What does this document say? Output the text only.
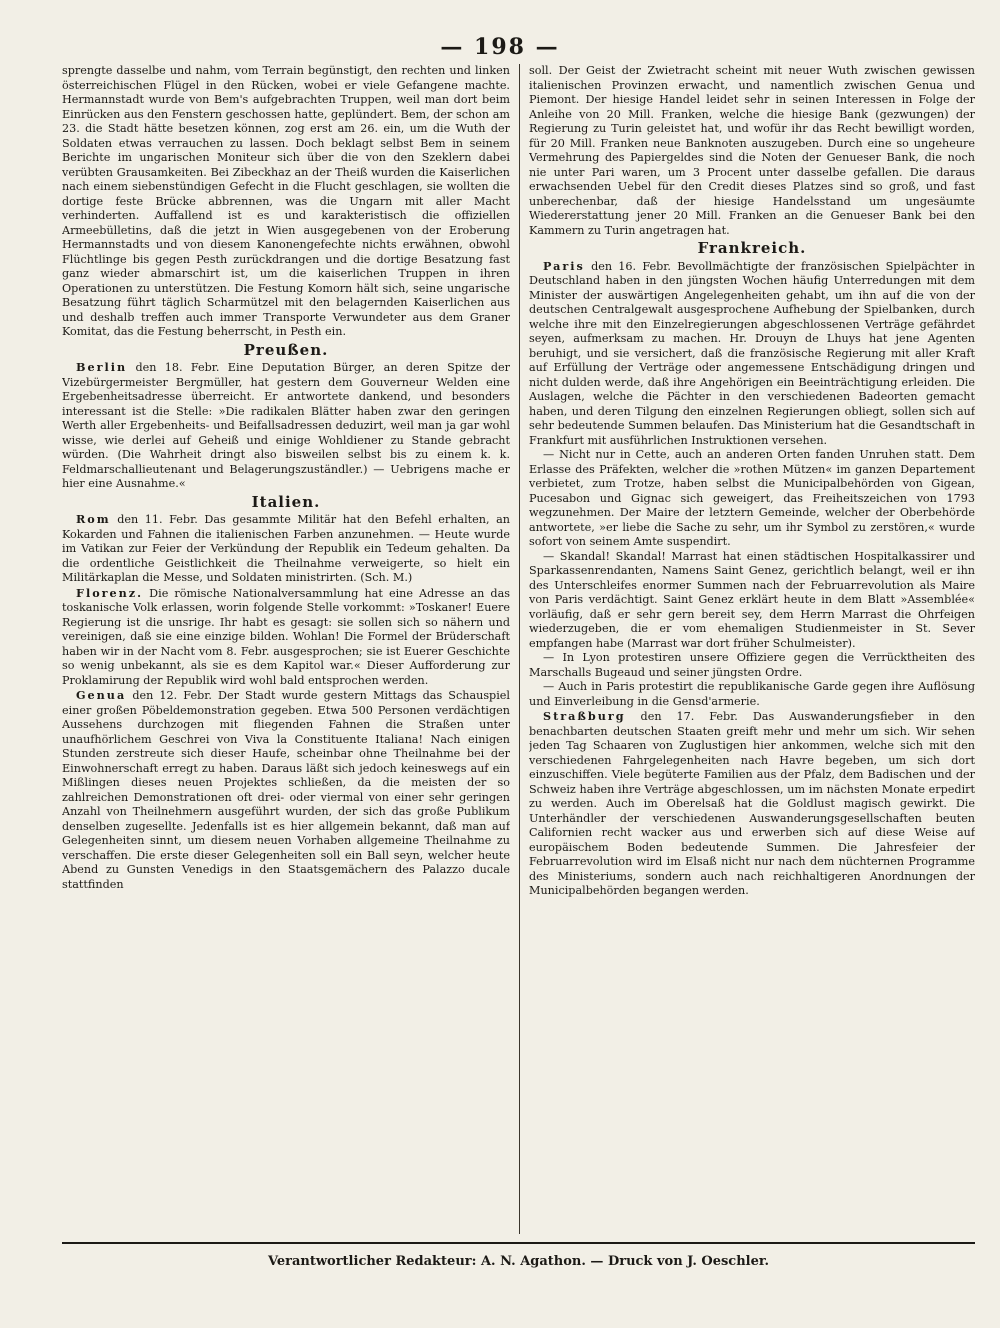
— 198 —

sprengte dasselbe und nahm, vom Terrain begünstigt, den rechten und linken österreichischen Flügel in den Rücken, wobei er viele Gefangene machte. Hermannstadt wurde von Bem's aufgebrachten Truppen, weil man dort beim Einrücken aus den Fenstern geschossen hatte, geplündert. Bem, der schon am 23. die Stadt hätte besetzen können, zog erst am 26. ein, um die Wuth der Soldaten etwas verrauchen zu lassen. Doch beklagt selbst Bem in seinem Berichte im ungarischen Moniteur sich über die von den Szeklern dabei verübten Grausamkeiten. Bei Zibeckhaz an der Theiß wurden die Kaiserlichen nach einem siebenstündigen Gefecht in die Flucht geschlagen, sie wollten die dortige feste Brücke abbrennen, was die Ungarn mit aller Macht verhinderten. Auffallend ist es und karakteristisch die offiziellen Armeebülletins, daß die jetzt in Wien ausgegebenen von der Eroberung Hermannstadts und von diesem Kanonengefechte nichts erwähnen, obwohl Flüchtlinge bis gegen Pesth zurückdrangen und die dortige Besatzung fast ganz wieder abmarschirt ist, um die kaiserlichen Truppen in ihren Operationen zu unterstützen. Die Festung Komorn hält sich, seine ungarische Besatzung führt täglich Scharmützel mit den belagernden Kaiserlichen aus und deshalb treffen auch immer Transporte Verwundeter aus dem Graner Komitat, das die Festung beherrscht, in Pesth ein.

Preußen.

Berlin den 18. Febr. Eine Deputation Bürger, an deren Spitze der Vizebürgermeister Bergmüller, hat gestern dem Gouverneur Welden eine Ergebenheitsadresse überreicht. Er antwortete dankend, und besonders interessant ist die Stelle: »Die radikalen Blätter haben zwar den geringen Werth aller Ergebenheits- und Beifallsadressen deduzirt, weil man ja gar wohl wisse, wie derlei auf Geheiß und einige Wohldiener zu Stande gebracht würden. (Die Wahrheit dringt also bisweilen selbst bis zu einem k. k. Feldmarschallieutenant und Belagerungszuständler.) — Uebrigens mache er hier eine Ausnahme.«

Italien.

Rom den 11. Febr. Das gesammte Militär hat den Befehl erhalten, an Kokarden und Fahnen die italienischen Farben anzunehmen. — Heute wurde im Vatikan zur Feier der Verkündung der Republik ein Tedeum gehalten. Da die ordentliche Geistlichkeit die Theilnahme verweigerte, so hielt ein Militärkaplan die Messe, und Soldaten ministrirten. (Sch. M.)

Florenz. Die römische Nationalversammlung hat eine Adresse an das toskanische Volk erlassen, worin folgende Stelle vorkommt: »Toskaner! Euere Regierung ist die unsrige. Ihr habt es gesagt: sie sollen sich so nähern und vereinigen, daß sie eine einzige bilden. Wohlan! Die Formel der Brüderschaft haben wir in der Nacht vom 8. Febr. ausgesprochen; sie ist Euerer Geschichte so wenig unbekannt, als sie es dem Kapitol war.« Dieser Aufforderung zur Proklamirung der Republik wird wohl bald entsprochen werden.

Genua den 12. Febr. Der Stadt wurde gestern Mittags das Schauspiel einer großen Pöbeldemonstration gegeben. Etwa 500 Personen verdächtigen Aussehens durchzogen mit fliegenden Fahnen die Straßen unter unaufhörlichem Geschrei von Viva la Constituente Italiana! Nach einigen Stunden zerstreute sich dieser Haufe, scheinbar ohne Theilnahme bei der Einwohnerschaft erregt zu haben. Daraus läßt sich jedoch keineswegs auf ein Mißlingen dieses neuen Projektes schließen, da die meisten der so zahlreichen Demonstrationen oft drei- oder viermal von einer sehr geringen Anzahl von Theilnehmern ausgeführt wurden, der sich das große Publikum denselben zugesellte. Jedenfalls ist es hier allgemein bekannt, daß man auf Gelegenheiten sinnt, um diesem neuen Vorhaben allgemeine Theilnahme zu verschaffen. Die erste dieser Gelegenheiten soll ein Ball seyn, welcher heute Abend zu Gunsten Venedigs in den Staatsgemächern des Palazzo ducale stattfinden

soll. Der Geist der Zwietracht scheint mit neuer Wuth zwischen gewissen italienischen Provinzen erwacht, und namentlich zwischen Genua und Piemont. Der hiesige Handel leidet sehr in seinen Interessen in Folge der Anleihe von 20 Mill. Franken, welche die hiesige Bank (gezwungen) der Regierung zu Turin geleistet hat, und wofür ihr das Recht bewilligt worden, für 20 Mill. Franken neue Banknoten auszugeben. Durch eine so ungeheure Vermehrung des Papiergeldes sind die Noten der Genueser Bank, die noch nie unter Pari waren, um 3 Procent unter dasselbe gefallen. Die daraus erwachsenden Uebel für den Credit dieses Platzes sind so groß, und fast unberechenbar, daß der hiesige Handelsstand um ungesäumte Wiedererstattung jener 20 Mill. Franken an die Genueser Bank bei den Kammern zu Turin angetragen hat.

Frankreich.

Paris den 16. Febr. Bevollmächtigte der französischen Spielpächter in Deutschland haben in den jüngsten Wochen häufig Unterredungen mit dem Minister der auswärtigen Angelegenheiten gehabt, um ihn auf die von der deutschen Centralgewalt ausgesprochene Aufhebung der Spielbanken, durch welche ihre mit den Einzelregierungen abgeschlossenen Verträge gefährdet seyen, aufmerksam zu machen. Hr. Drouyn de Lhuys hat jene Agenten beruhigt, und sie versichert, daß die französische Regierung mit aller Kraft auf Erfüllung der Verträge oder angemessene Entschädigung dringen und nicht dulden werde, daß ihre Angehörigen ein Beeinträchtigung erleiden. Die Auslagen, welche die Pächter in den verschiedenen Badeorten gemacht haben, und deren Tilgung den einzelnen Regierungen obliegt, sollen sich auf sehr bedeutende Summen belaufen. Das Ministerium hat die Gesandtschaft in Frankfurt mit ausführlichen Instruktionen versehen.

— Nicht nur in Cette, auch an anderen Orten fanden Unruhen statt. Dem Erlasse des Präfekten, welcher die »rothen Mützen« im ganzen Departement verbietet, zum Trotze, haben selbst die Municipalbehörden von Gigean, Pucesabon und Gignac sich geweigert, das Freiheitszeichen von 1793 wegzunehmen. Der Maire der letztern Gemeinde, welcher der Oberbehörde antwortete, »er liebe die Sache zu sehr, um ihr Symbol zu zerstören,« wurde sofort von seinem Amte suspendirt.

— Skandal! Skandal! Marrast hat einen städtischen Hospitalkassirer und Sparkassenrendanten, Namens Saint Genez, gerichtlich belangt, weil er ihn des Unterschleifes enormer Summen nach der Februarrevolution als Maire von Paris verdächtigt. Saint Genez erklärt heute in dem Blatt »Assemblée« vorläufig, daß er sehr gern bereit sey, dem Herrn Marrast die Ohrfeigen wiederzugeben, die er vom ehemaligen Studienmeister in St. Sever empfangen habe (Marrast war dort früher Schulmeister).

— In Lyon protestiren unsere Offiziere gegen die Verrücktheiten des Marschalls Bugeaud und seiner jüngsten Ordre.

— Auch in Paris protestirt die republikanische Garde gegen ihre Auflösung und Einverleibung in die Gensd'armerie.

Straßburg den 17. Febr. Das Auswanderungsfieber in den benachbarten deutschen Staaten greift mehr und mehr um sich. Wir sehen jeden Tag Schaaren von Zuglustigen hier ankommen, welche sich mit den verschiedenen Fahrgelegenheiten nach Havre begeben, um sich dort einzuschiffen. Viele begüterte Familien aus der Pfalz, dem Badischen und der Schweiz haben ihre Verträge abgeschlossen, um im nächsten Monate erpedirt zu werden. Auch im Oberelsaß hat die Goldlust magisch gewirkt. Die Unterhändler der verschiedenen Auswanderungsgesellschaften beuten Californien recht wacker aus und erwerben sich auf diese Weise auf europäischem Boden bedeutende Summen. Die Jahresfeier der Februarrevolution wird im Elsaß nicht nur nach dem nüchternen Programme des Ministeriums, sondern auch nach reichhaltigeren Anordnungen der Municipalbehörden begangen werden.

Verantwortlicher Redakteur: A. N. Agathon. — Druck von J. Oeschler.
